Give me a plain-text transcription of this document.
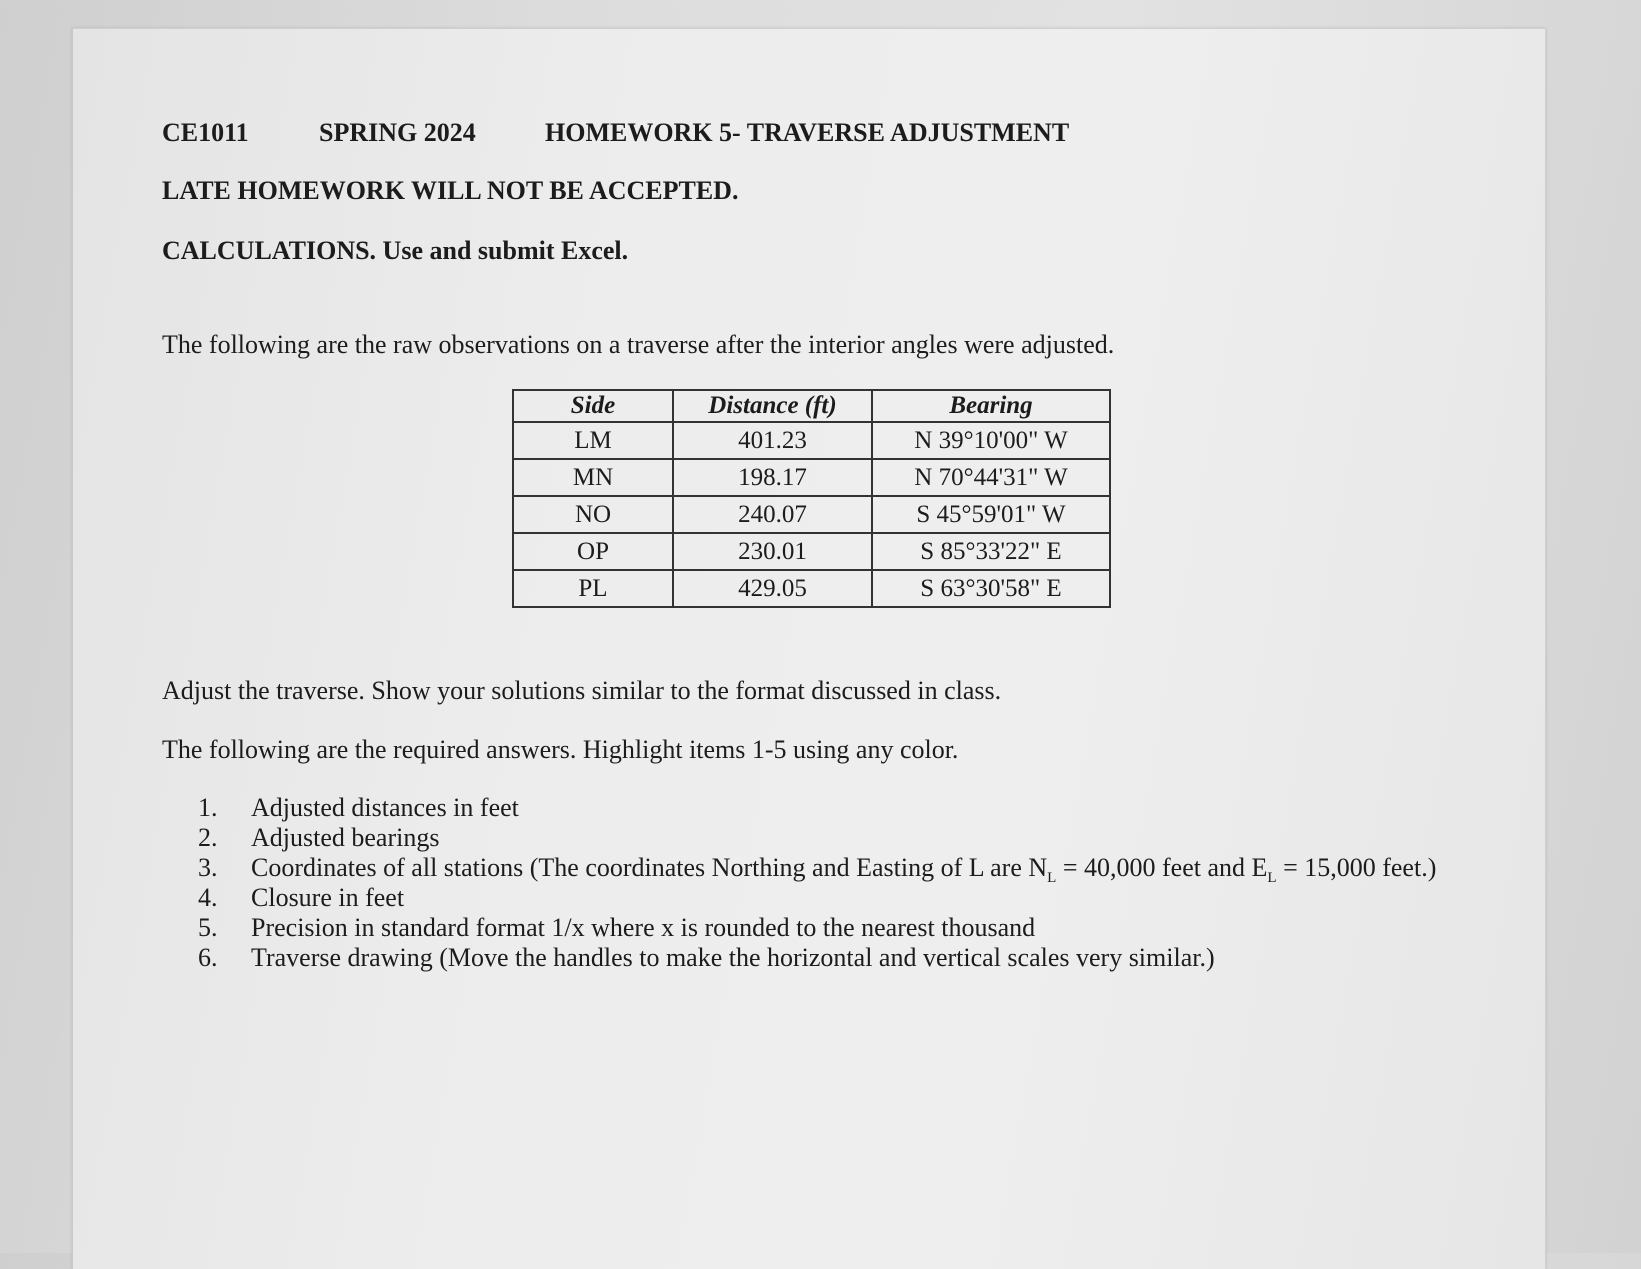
CE1011	SPRING 2024	HOMEWORK 5- TRAVERSE ADJUSTMENT
LATE HOMEWORK WILL NOT BE ACCEPTED.
CALCULATIONS. Use and submit Excel.
The following are the raw observations on a traverse after the interior angles were adjusted.
Side	Distance (ft)	Bearing
LM	401.23	N 39°10'00" W
MN	198.17	N 70°44'31" W
NO	240.07	S 45°59'01" W
OP	230.01	S 85°33'22" E
PL	429.05	S 63°30'58" E
Adjust the traverse. Show your solutions similar to the format discussed in class.
The following are the required answers. Highlight items 1-5 using any color.
1. Adjusted distances in feet
2. Adjusted bearings
3. Coordinates of all stations (The coordinates Northing and Easting of L are $N_L = 40,000$ feet and $E_L = 15,000$ feet.)
4. Closure in feet
5. Precision in standard format 1/x where x is rounded to the nearest thousand
6. Traverse drawing (Move the handles to make the horizontal and vertical scales very similar.)
